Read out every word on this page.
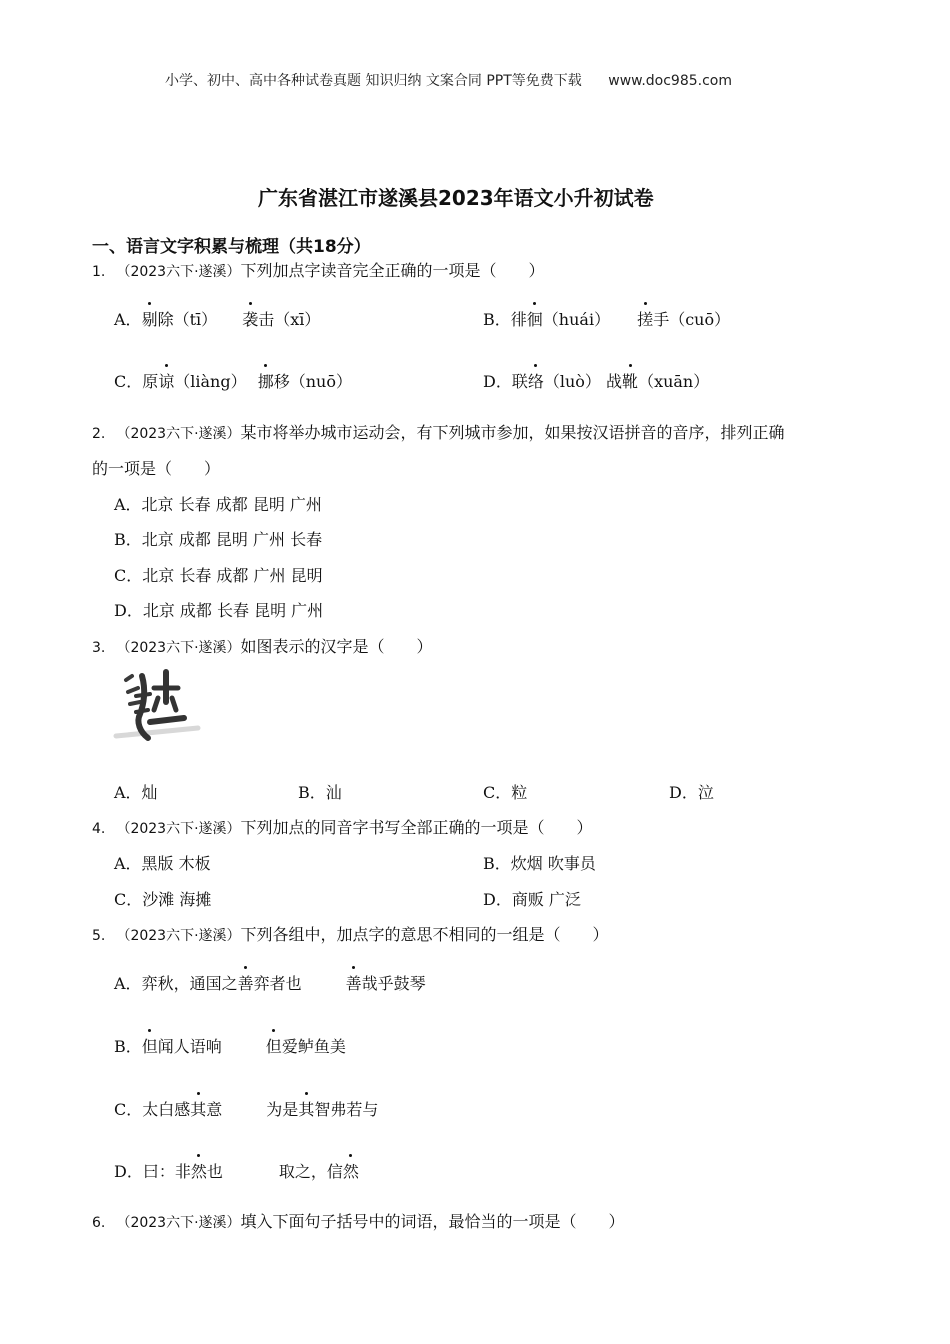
小学、初中、高中各种试卷真题 知识归纳 文案合同 PPT等免费下载 www.doc985.com
广东省湛江市遂溪县2023年语文小升初试卷
一、语言文字积累与梳理（共18分）
1. （2023六下·遂溪）下列加点字读音完全正确的一项是（　　）
A．剔除（tī） 袭击（xī）	B．徘徊（huái） 搓手（cuō）
C．原谅（liàng） 挪移（nuō）	D．联络（luò） 战靴（xuān）
2. （2023六下·遂溪）某市将举办城市运动会，有下列城市参加，如果按汉语拼音的音序，排列正确
的一项是（　　）
A．北京 长春 成都 昆明 广州
B．北京 成都 昆明 广州 长春
C．北京 长春 成都 广州 昆明
D．北京 成都 长春 昆明 广州
3. （2023六下·遂溪）如图表示的汉字是（　　）
A．灿	B．汕	C．粒	D．泣
4. （2023六下·遂溪）下列加点的同音字书写全部正确的一项是（　　）
A．黑版 木板	B．炊烟 吹事员
C．沙滩 海摊	D．商贩 广泛
5. （2023六下·遂溪）下列各组中，加点字的意思不相同的一组是（　　）
A．弈秋，通国之善弈者也	善哉乎鼓琴
B．但闻人语响	但爱鲈鱼美
C．太白感其意	为是其智弗若与
D．曰：非然也	取之，信然
6. （2023六下·遂溪）填入下面句子括号中的词语，最恰当的一项是（　　）
